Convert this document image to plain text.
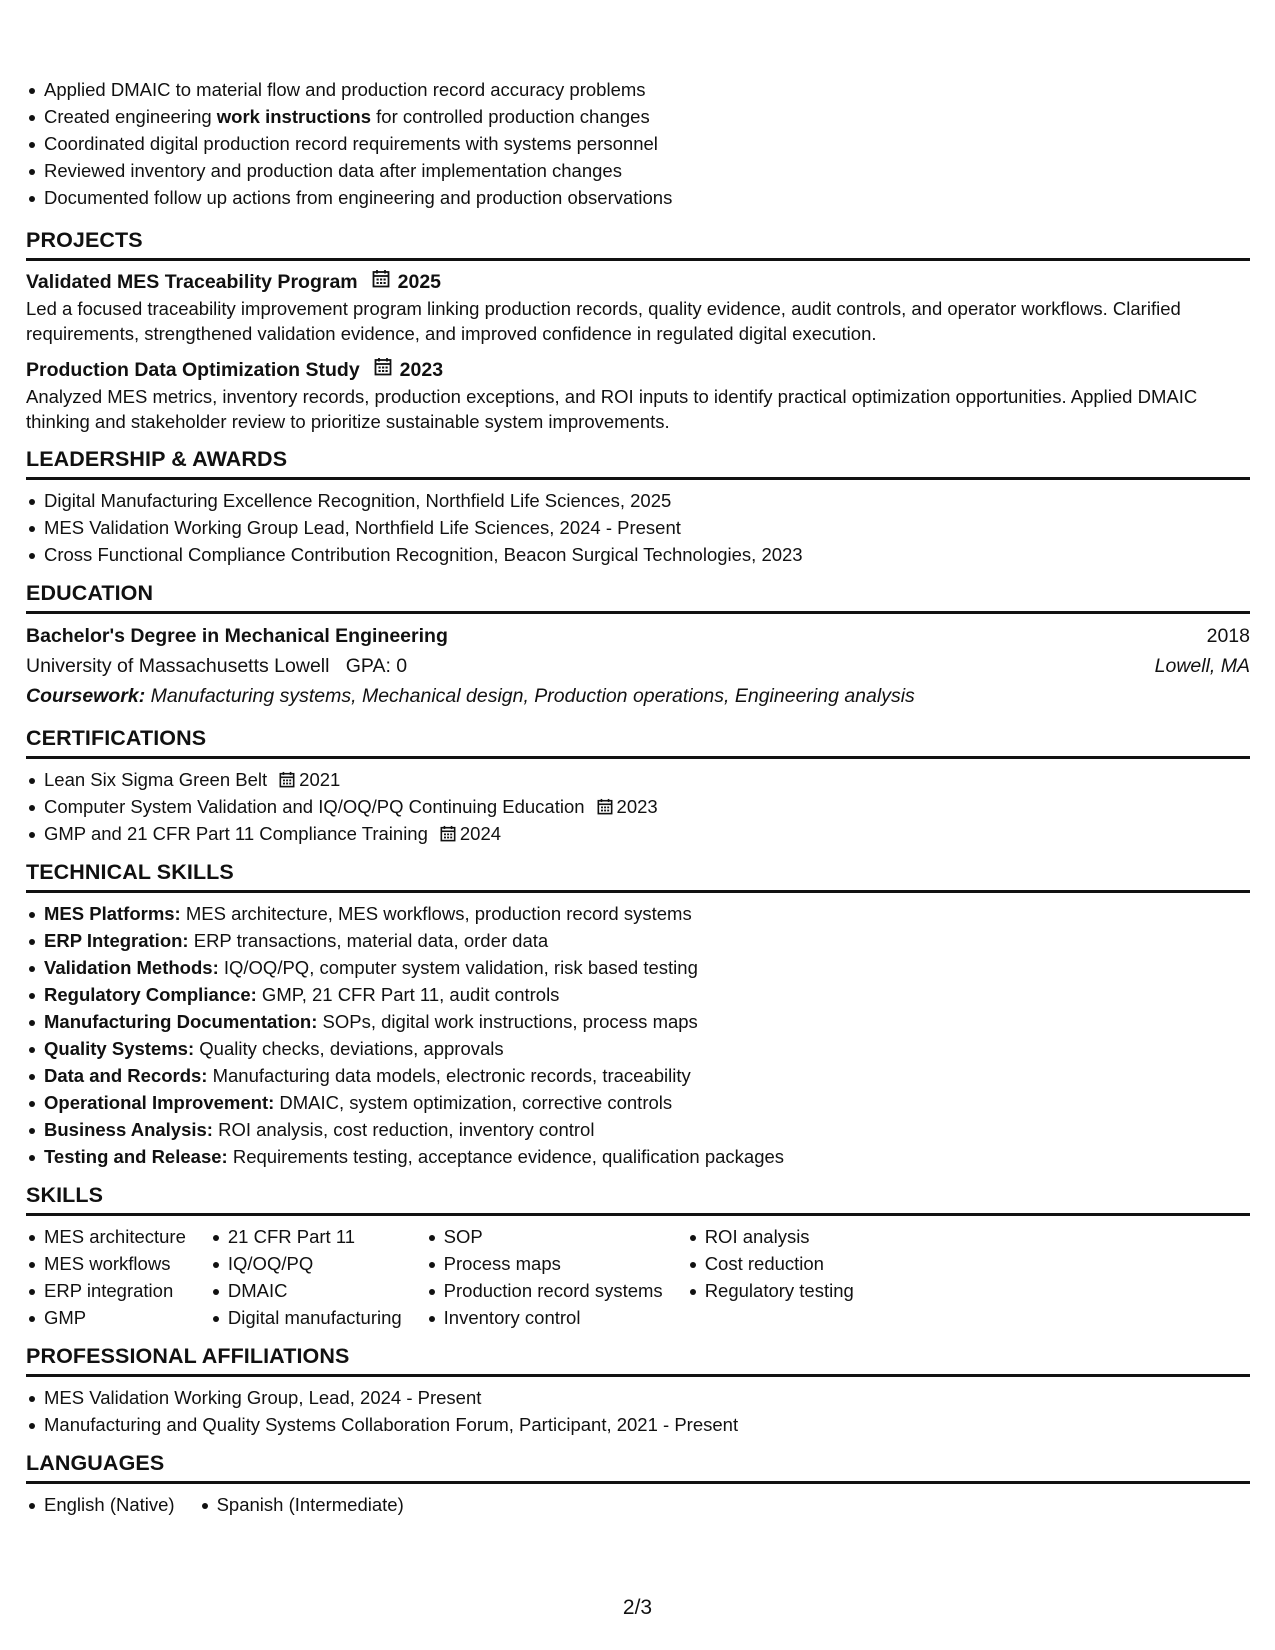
Applied DMAIC to material flow and production record accuracy problems
Created engineering work instructions for controlled production changes
Coordinated digital production record requirements with systems personnel
Reviewed inventory and production data after implementation changes
Documented follow up actions from engineering and production observations
PROJECTS
Validated MES Traceability Program 2025
Led a focused traceability improvement program linking production records, quality evidence, audit controls, and operator workflows. Clarified requirements, strengthened validation evidence, and improved confidence in regulated digital execution.
Production Data Optimization Study 2023
Analyzed MES metrics, inventory records, production exceptions, and ROI inputs to identify practical optimization opportunities. Applied DMAIC thinking and stakeholder review to prioritize sustainable system improvements.
LEADERSHIP & AWARDS
Digital Manufacturing Excellence Recognition, Northfield Life Sciences, 2025
MES Validation Working Group Lead, Northfield Life Sciences, 2024 - Present
Cross Functional Compliance Contribution Recognition, Beacon Surgical Technologies, 2023
EDUCATION
Bachelor's Degree in Mechanical Engineering	2018
University of Massachusetts Lowell GPA: 0	Lowell, MA
Coursework: Manufacturing systems, Mechanical design, Production operations, Engineering analysis
CERTIFICATIONS
Lean Six Sigma Green Belt 2021
Computer System Validation and IQ/OQ/PQ Continuing Education 2023
GMP and 21 CFR Part 11 Compliance Training 2024
TECHNICAL SKILLS
MES Platforms: MES architecture, MES workflows, production record systems
ERP Integration: ERP transactions, material data, order data
Validation Methods: IQ/OQ/PQ, computer system validation, risk based testing
Regulatory Compliance: GMP, 21 CFR Part 11, audit controls
Manufacturing Documentation: SOPs, digital work instructions, process maps
Quality Systems: Quality checks, deviations, approvals
Data and Records: Manufacturing data models, electronic records, traceability
Operational Improvement: DMAIC, system optimization, corrective controls
Business Analysis: ROI analysis, cost reduction, inventory control
Testing and Release: Requirements testing, acceptance evidence, qualification packages
SKILLS
MES architecture
MES workflows
ERP integration
GMP
21 CFR Part 11
IQ/OQ/PQ
DMAIC
Digital manufacturing
SOP
Process maps
Production record systems
Inventory control
ROI analysis
Cost reduction
Regulatory testing
PROFESSIONAL AFFILIATIONS
MES Validation Working Group, Lead, 2024 - Present
Manufacturing and Quality Systems Collaboration Forum, Participant, 2021 - Present
LANGUAGES
English (Native)	Spanish (Intermediate)
2/3
